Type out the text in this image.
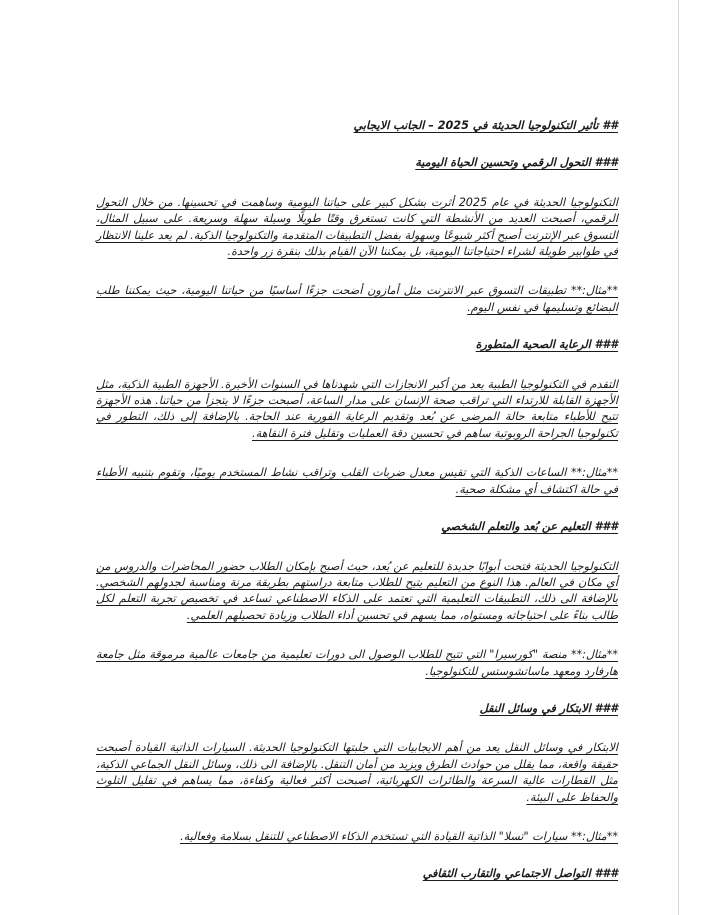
## تأثير التكنولوجيا الحديثة في 2025 – الجانب الايجابي

### التحول الرقمي وتحسين الحياة اليومية

التكنولوجيا الحديثة في عام 2025 أثرت بشكل كبير على حياتنا اليومية وساهمت في تحسينها. من خلال التحول الرقمي، أصبحت العديد من الأنشطة التي كانت تستغرق وقتًا طويلًا وسيلة سهلة وسريعة. على سبيل المثال، التسوق عبر الإنترنت أصبح أكثر شيوعًا وسهولة بفضل التطبيقات المتقدمة والتكنولوجيا الذكية. لم يعد علينا الانتظار في طوابير طويلة لشراء احتياجاتنا اليومية، بل يمكننا الآن القيام بذلك بنقرة زر واحدة.

**مثال:** تطبيقات التسوق عبر الانترنت مثل أمازون أضحت جزءًا أساسيًا من حياتنا اليومية، حيث يمكننا طلب البضائع وتسليمها في نفس اليوم.

### الرعاية الصحية المتطورة

التقدم في التكنولوجيا الطبية يعد من أكبر الانجازات التي شهدناها في السنوات الأخيرة. الأجهزة الطبية الذكية، مثل الأجهزة القابلة للارتداء التي تراقب صحة الإنسان على مدار الساعة، أصبحت جزءًا لا يتجزأ من حياتنا. هذه الأجهزة تتيح للأطباء متابعة حالة المرضى عن بُعد وتقديم الرعاية الفورية عند الحاجة. بالإضافة إلى ذلك، التطور في تكنولوجيا الجراحة الروبوتية ساهم في تحسين دقة العمليات وتقليل فترة النقاهة.

**مثال:** الساعات الذكية التي تقيس معدل ضربات القلب وتراقب نشاط المستخدم يوميًا، وتقوم بتنبيه الأطباء في حالة اكتشاف أي مشكلة صحية.

### التعليم عن بُعد والتعلم الشخصي

التكنولوجيا الحديثة فتحت أبوابًا جديدة للتعليم عن بُعد، حيث أصبح بإمكان الطلاب حضور المحاضرات والدروس من أي مكان في العالم. هذا النوع من التعليم يتيح للطلاب متابعة دراستهم بطريقة مرنة ومناسبة لجدولهم الشخصي. بالإضافة الى ذلك، التطبيقات التعليمية التي تعتمد على الذكاء الاصطناعي تساعد في تخصيص تجربة التعلم لكل طالب بناءً على احتياجاته ومستواه، مما يسهم في تحسين أداء الطلاب وزيادة تحصيلهم العلمي.

**مثال:** منصة "كورسيرا" التي تتيح للطلاب الوصول الى دورات تعليمية من جامعات عالمية مرموقة مثل جامعة هارفارد ومعهد ماساتشوستس للتكنولوجيا.

### الابتكار في وسائل النقل

الابتكار في وسائل النقل يعد من أهم الايجابيات التي جلبتها التكنولوجيا الحديثة. السيارات الذاتية القيادة أصبحت حقيقة واقعة، مما يقلل من حوادث الطرق ويزيد من أمان التنقل. بالإضافة الى ذلك، وسائل النقل الجماعي الذكية، مثل القطارات عالية السرعة والطائرات الكهربائية، أصبحت أكثر فعالية وكفاءة، مما يساهم في تقليل التلوث والحفاظ على البيئة.

**مثال:** سيارات "تسلا" الذاتية القيادة التي تستخدم الذكاء الاصطناعي للتنقل بسلامة وفعالية.

### التواصل الاجتماعي والتقارب الثقافي
